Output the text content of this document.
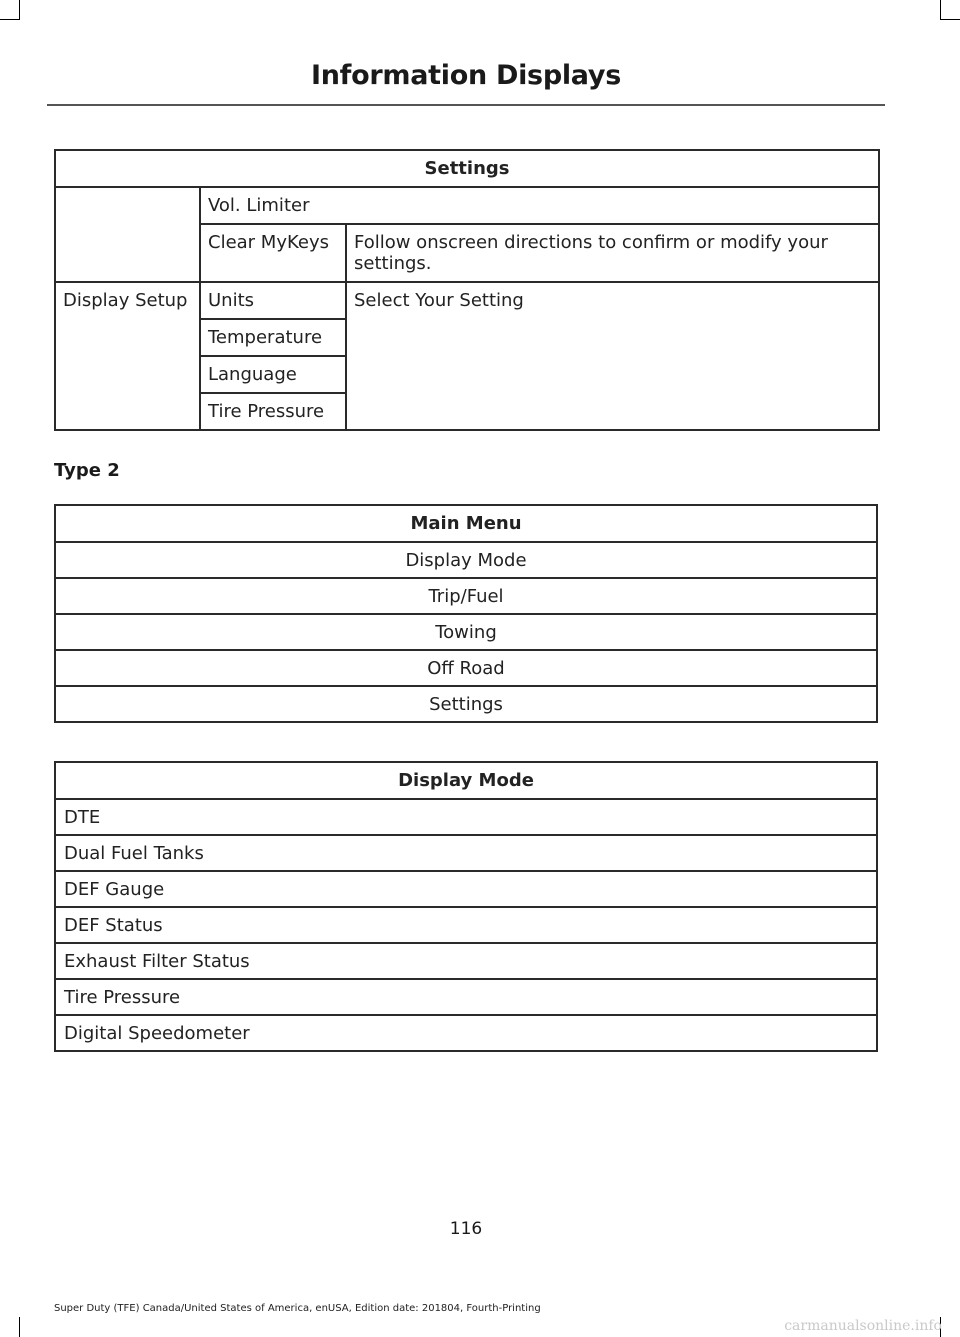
Information Displays
Settings		
	Vol. Limiter	
	Clear MyKeys	Follow onscreen directions to confirm or modify your settings.
Display Setup	Units	Select Your Setting
	Temperature	
	Language	
	Tire Pressure	
Type 2
Main Menu
Display Mode
Trip/Fuel
Towing
Off Road
Settings
Display Mode
DTE
Dual Fuel Tanks
DEF Gauge
DEF Status
Exhaust Filter Status
Tire Pressure
Digital Speedometer
116
Super Duty (TFE) Canada/United States of America, enUSA, Edition date: 201804, Fourth-Printing
carmanualsonline.info
